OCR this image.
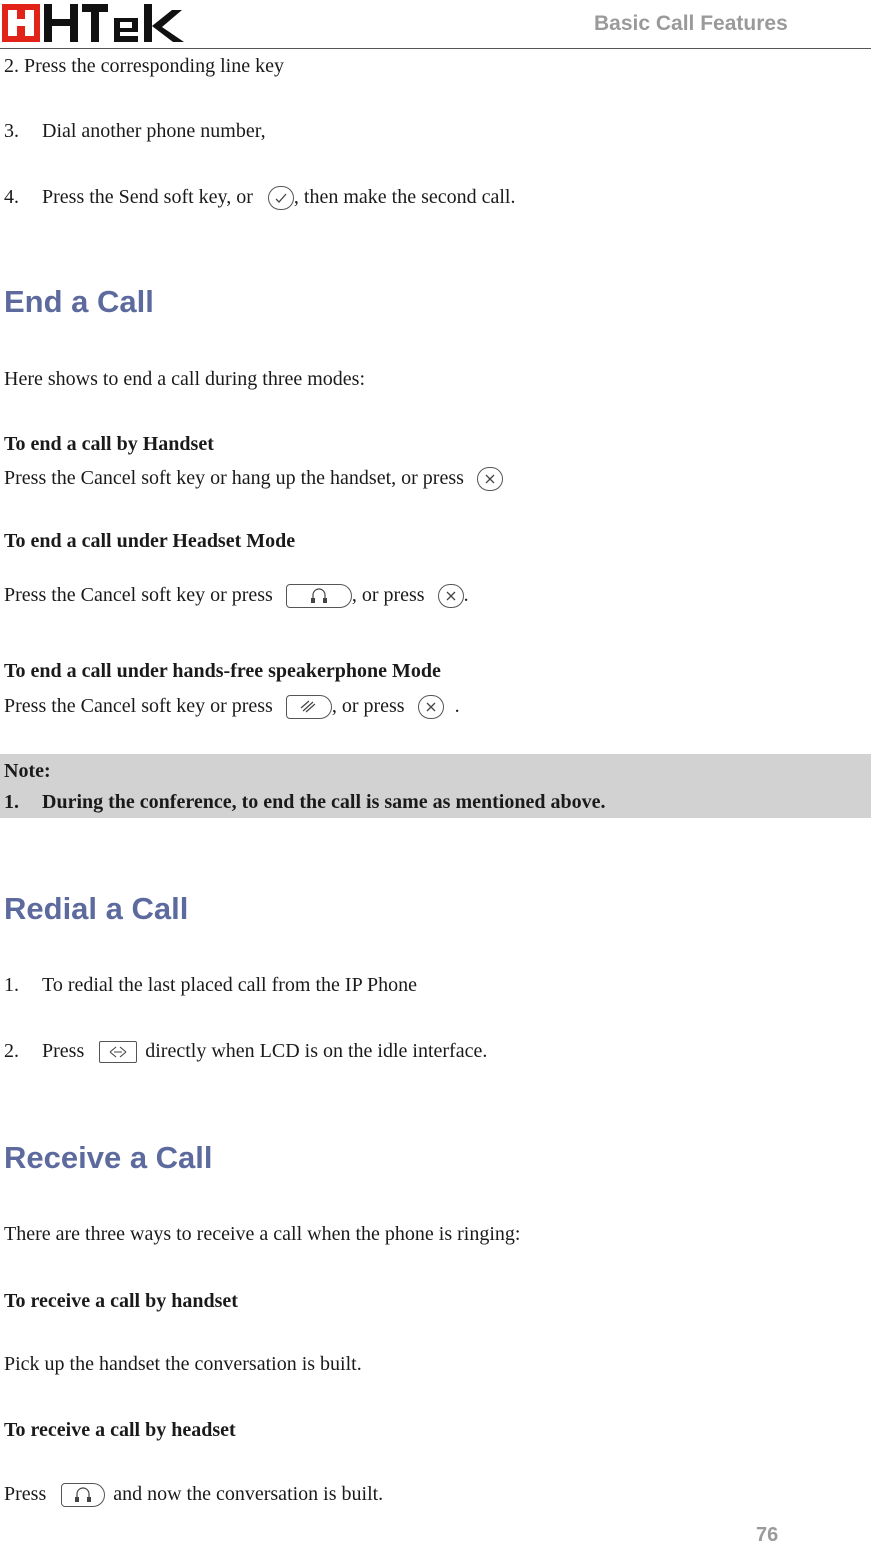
Basic Call Features
2. Press the corresponding line key
3. Dial another phone number,
4. Press the Send soft key, or , then make the second call.
End a Call
Here shows to end a call during three modes:
To end a call by Handset
Press the Cancel soft key or hang up the handset, or press
To end a call under Headset Mode
Press the Cancel soft key or press	, or press .
To end a call under hands-free speakerphone Mode
Press the Cancel soft key or press	, or press	.
Note:
1. During the conference, to end the call is same as mentioned above.
Redial a Call
1. To redial the last placed call from the IP Phone
2. Press	directly when LCD is on the idle interface.
Receive a Call
There are three ways to receive a call when the phone is ringing:
To receive a call by handset
Pick up the handset the conversation is built.
To receive a call by headset
Press	and now the conversation is built.
76
